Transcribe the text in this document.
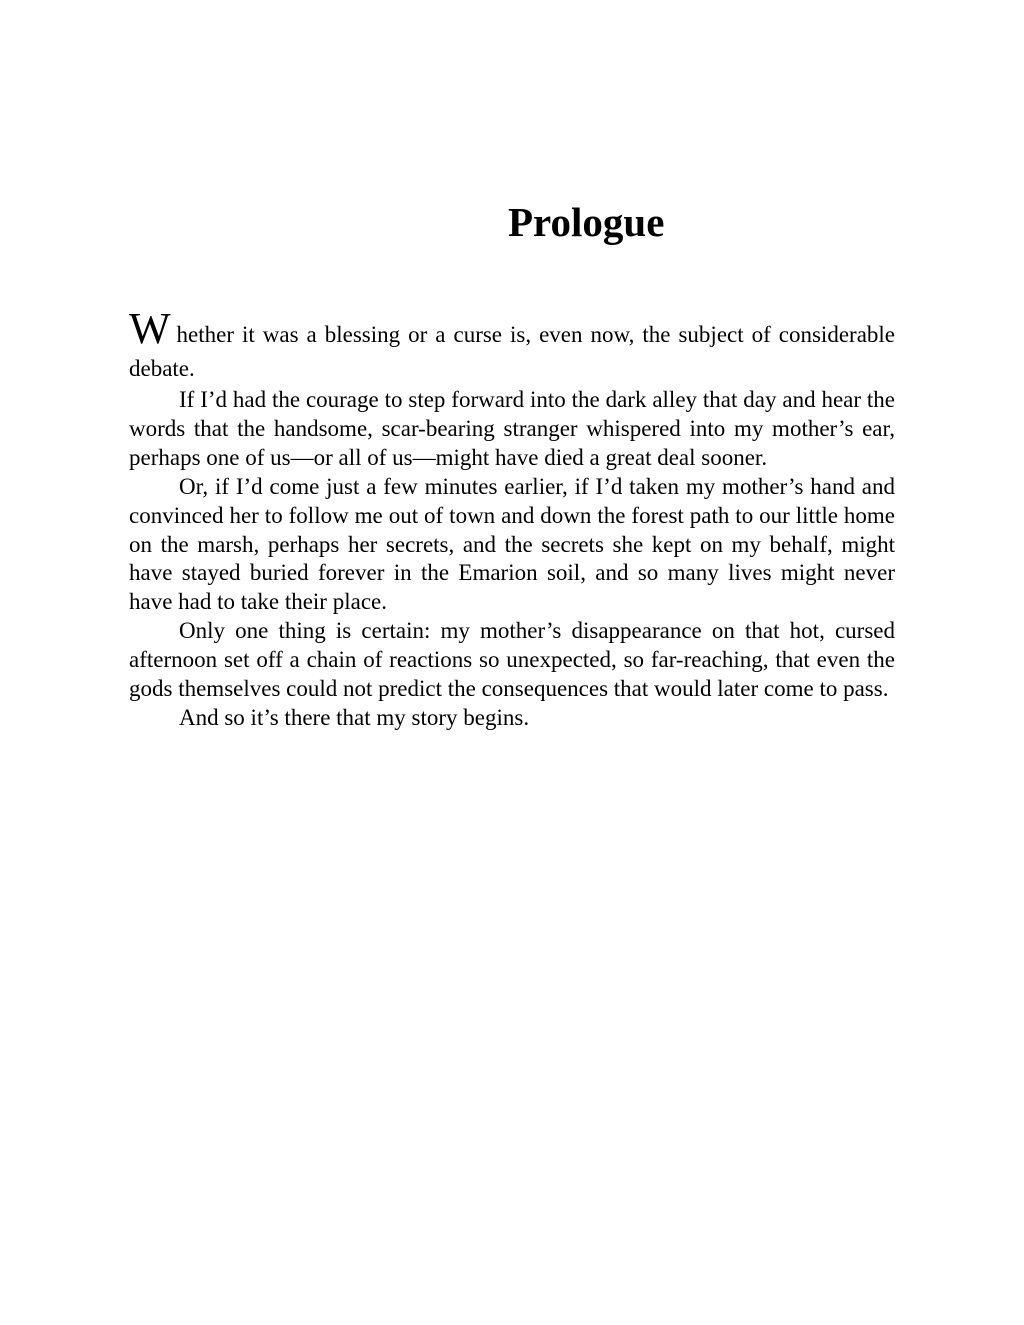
Prologue

Whether it was a blessing or a curse is, even now, the subject of considerable debate.

If I’d had the courage to step forward into the dark alley that day and hear the words that the handsome, scar-bearing stranger whispered into my mother’s ear, perhaps one of us—or all of us—might have died a great deal sooner.

Or, if I’d come just a few minutes earlier, if I’d taken my mother’s hand and convinced her to follow me out of town and down the forest path to our little home on the marsh, perhaps her secrets, and the secrets she kept on my behalf, might have stayed buried forever in the Emarion soil, and so many lives might never have had to take their place.

Only one thing is certain: my mother’s disappearance on that hot, cursed afternoon set off a chain of reactions so unexpected, so far-reaching, that even the gods themselves could not predict the consequences that would later come to pass.

And so it’s there that my story begins.
